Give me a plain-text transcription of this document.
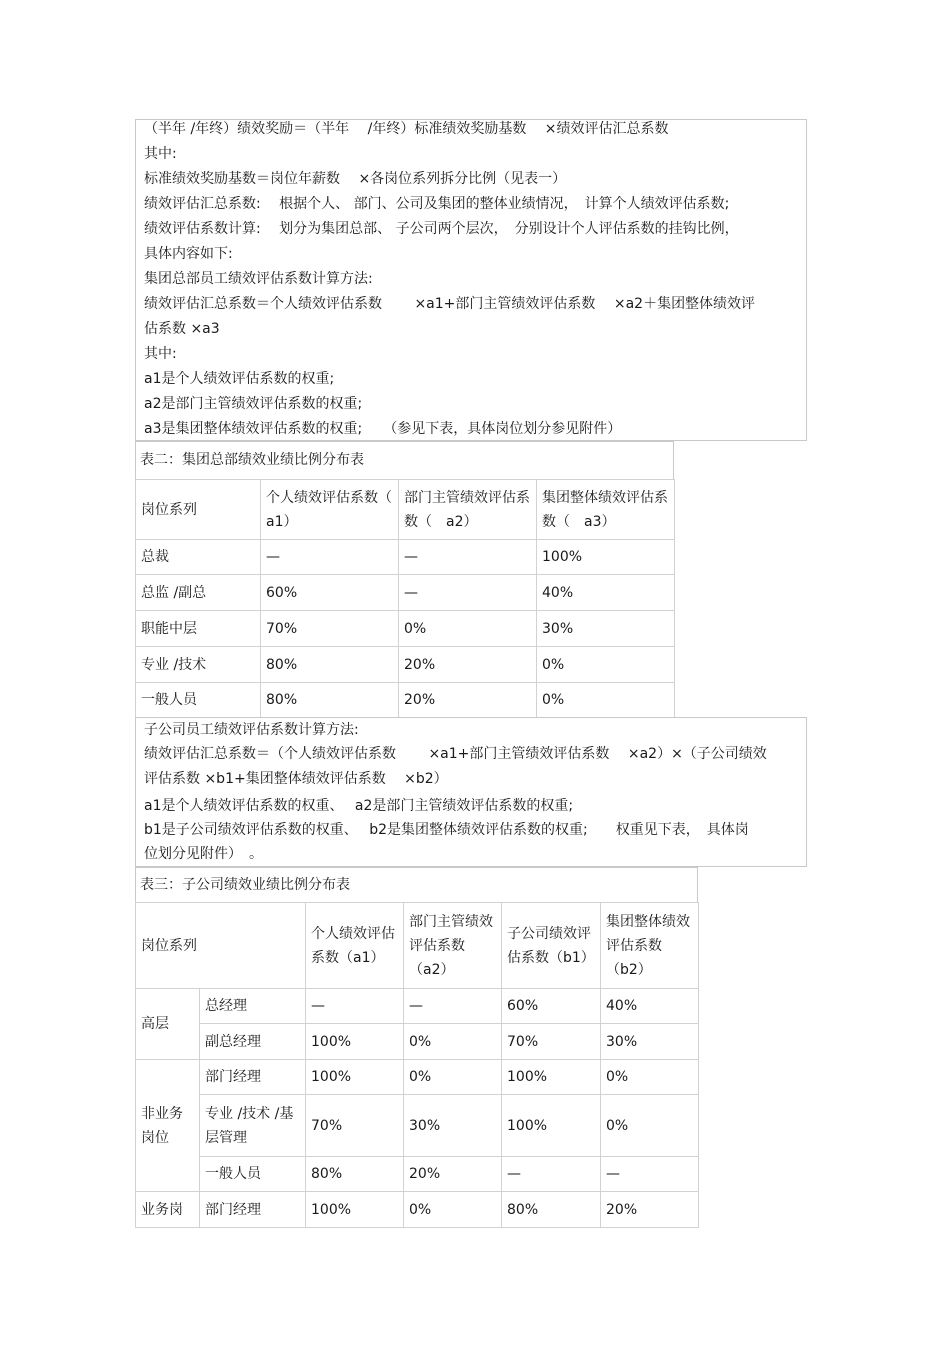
（半年 /年终）绩效奖励＝（半年　 /年终）标准绩效奖励基数　 ×绩效评估汇总系数
其中:
标准绩效奖励基数＝岗位年薪数　 ×各岗位系列拆分比例（见表一）
绩效评估汇总系数:　 根据个人、 部门、公司及集团的整体业绩情况，　计算个人绩效评估系数;
绩效评估系数计算:　 划分为集团总部、 子公司两个层次，　分别设计个人评估系数的挂钩比例，
具体内容如下:
集团总部员工绩效评估系数计算方法:
绩效评估汇总系数＝个人绩效评估系数　　 ×a1+部门主管绩效评估系数　 ×a2＋集团整体绩效评
估系数 ×a3
其中:
a1是个人绩效评估系数的权重;
a2是部门主管绩效评估系数的权重;
a3是集团整体绩效评估系数的权重;　　（参见下表，具体岗位划分参见附件）
表二：集团总部绩效业绩比例分布表
岗位系列	个人绩效评估系数（ a1）	部门主管绩效评估系数（　a2）	集团整体绩效评估系数（　a3）
总裁	—	—	100%
总监 /副总	60%	—	40%
职能中层	70%	0%	30%
专业 /技术	80%	20%	0%
一般人员	80%	20%	0%
子公司员工绩效评估系数计算方法:
绩效评估汇总系数＝（个人绩效评估系数　　 ×a1+部门主管绩效评估系数　 ×a2）×（子公司绩效
评估系数 ×b1+集团整体绩效评估系数　 ×b2）
a1是个人绩效评估系数的权重、　 a2是部门主管绩效评估系数的权重;
b1是子公司绩效评估系数的权重、　 b2是集团整体绩效评估系数的权重;　　权重见下表，　具体岗
位划分见附件）　。
表三：子公司绩效业绩比例分布表
岗位系列		个人绩效评估系数（a1）	部门主管绩效评估系数（a2）	子公司绩效评估系数（b1）	集团整体绩效评估系数（b2）
高层	总经理	—	—	60%	40%
	副总经理	100%	0%	70%	30%
非业务岗位	部门经理	100%	0%	100%	0%
	专业 /技术 /基层管理	70%	30%	100%	0%
	一般人员	80%	20%	—	—
业务岗	部门经理	100%	0%	80%	20%
